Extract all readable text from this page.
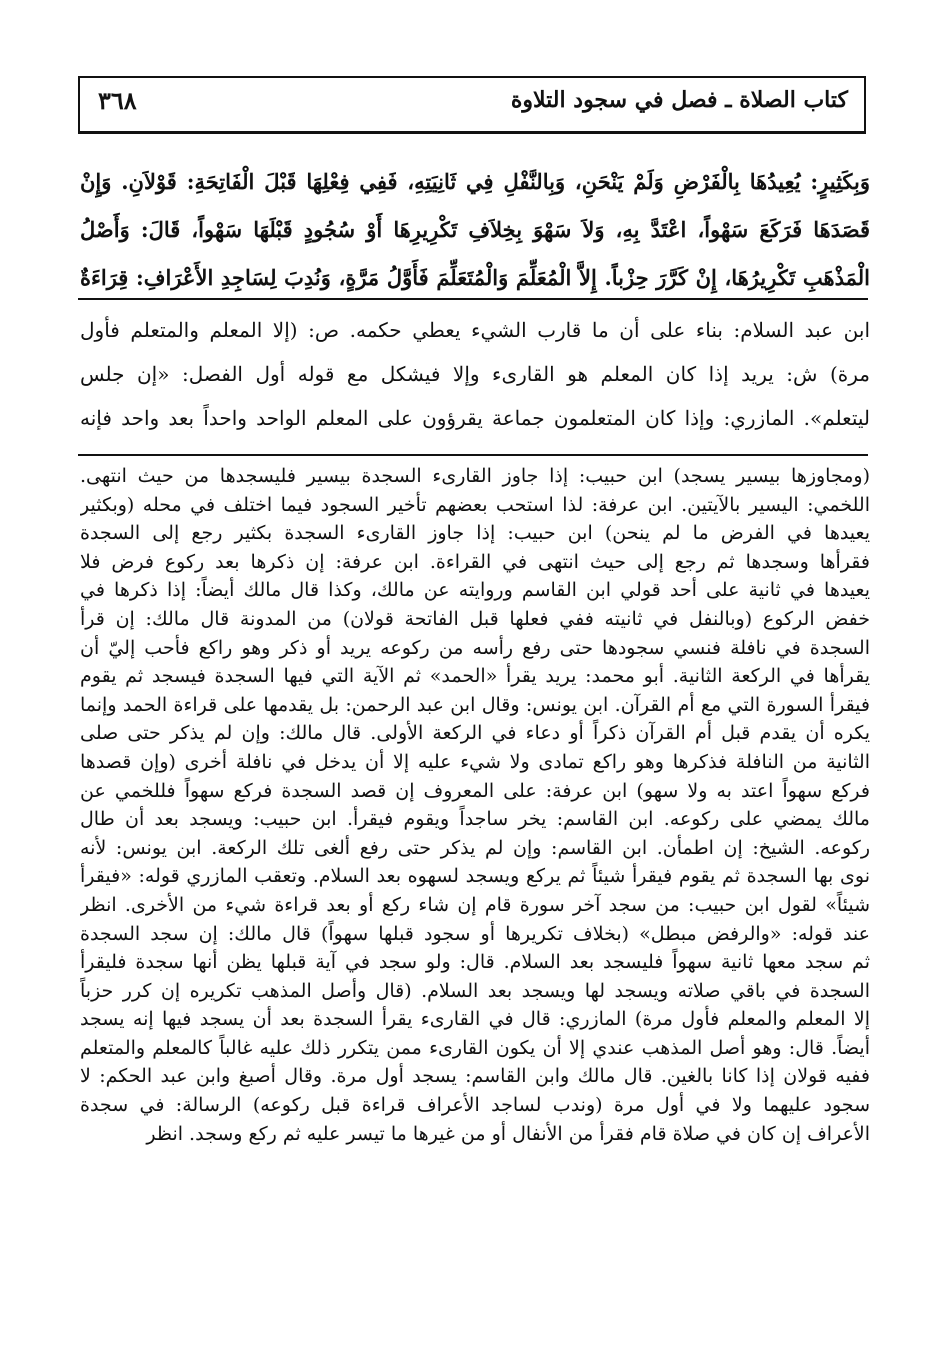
كتاب الصلاة ـ فصل في سجود التلاوة
٣٦٨
وَبِكَثِيرٍ: يُعِيدُهَا بِالْفَرْضِ وَلَمْ يَنْحَنِ، وَبِالنَّفْلِ فِي ثَانِيَتِهِ، فَفِي فِعْلِهَا قَبْلَ الْفَاتِحَةِ: قَوْلاَنِ. وَإِنْ
قَصَدَهَا فَرَكَعَ سَهْواً، اعْتَدَّ بِهِ، وَلاَ سَهْوَ بِخِلاَفِ تَكْرِيرِهَا أَوْ سُجُودٍ قَبْلَهَا سَهْواً، قَالَ: وَأَصْلُ
الْمَذْهَبِ تَكْرِيرُهَا، إِنْ كَرَّرَ حِزْباً. إِلاَّ الْمُعَلِّمَ وَالْمُتَعَلِّمَ فَأَوَّلُ مَرَّةٍ، وَنُدِبَ لِسَاجِدِ الأَعْرَافِ: قِرَاءَةٌ
ابن عبد السلام: بناء على أن ما قارب الشيء يعطي حكمه. ص: (إلا المعلم والمتعلم فأول
مرة) ش: يريد إذا كان المعلم هو القارىء وإلا فيشكل مع قوله أول الفصل: «إن جلس
ليتعلم». المازري: وإذا كان المتعلمون جماعة يقرؤون على المعلم الواحد واحداً بعد واحد فإنه
(ومجاوزها بيسير يسجد) ابن حبيب: إذا جاوز القارىء السجدة بيسير فليسجدها من حيث انتهى.
اللخمي: اليسير بالآيتين. ابن عرفة: لذا استحب بعضهم تأخير السجود فيما اختلف في محله (وبكثير
يعيدها في الفرض ما لم ينحن) ابن حبيب: إذا جاوز القارىء السجدة بكثير رجع إلى السجدة
فقرأها وسجدها ثم رجع إلى حيث انتهى في القراءة. ابن عرفة: إن ذكرها بعد ركوع فرض فلا
يعيدها في ثانية على أحد قولي ابن القاسم وروايته عن مالك، وكذا قال مالك أيضاً: إذا ذكرها في
خفض الركوع (وبالنفل في ثانيته ففي فعلها قبل الفاتحة قولان) من المدونة قال مالك: إن قرأ
السجدة في نافلة فنسي سجودها حتى رفع رأسه من ركوعه يريد أو ذكر وهو راكع فأحب إليّ أن
يقرأها في الركعة الثانية. أبو محمد: يريد يقرأ «الحمد» ثم الآية التي فيها السجدة فيسجد ثم يقوم
فيقرأ السورة التي مع أم القرآن. ابن يونس: وقال ابن عبد الرحمن: بل يقدمها على قراءة الحمد وإنما
يكره أن يقدم قبل أم القرآن ذكراً أو دعاء في الركعة الأولى. قال مالك: وإن لم يذكر حتى صلى
الثانية من النافلة فذكرها وهو راكع تمادى ولا شيء عليه إلا أن يدخل في نافلة أخرى (وإن قصدها
فركع سهواً اعتد به ولا سهو) ابن عرفة: على المعروف إن قصد السجدة فركع سهواً فللخمي عن
مالك يمضي على ركوعه. ابن القاسم: يخر ساجداً ويقوم فيقرأ. ابن حبيب: ويسجد بعد أن طال
ركوعه. الشيخ: إن اطمأن. ابن القاسم: وإن لم يذكر حتى رفع ألغى تلك الركعة. ابن يونس: لأنه
نوى بها السجدة ثم يقوم فيقرأ شيئاً ثم يركع ويسجد لسهوه بعد السلام. وتعقب المازري قوله: «فيقرأ
شيئاً» لقول ابن حبيب: من سجد آخر سورة قام إن شاء ركع أو بعد قراءة شيء من الأخرى. انظر
عند قوله: «والرفض مبطل» (بخلاف تكريرها أو سجود قبلها سهواً) قال مالك: إن سجد السجدة
ثم سجد معها ثانية سهواً فليسجد بعد السلام. قال: ولو سجد في آية قبلها يظن أنها سجدة فليقرأ
السجدة في باقي صلاته ويسجد لها ويسجد بعد السلام. (قال وأصل المذهب تكريره إن كرر حزباً
إلا المعلم والمعلم فأول مرة) المازري: قال في القارىء يقرأ السجدة بعد أن يسجد فيها إنه يسجد
أيضاً. قال: وهو أصل المذهب عندي إلا أن يكون القارىء ممن يتكرر ذلك عليه غالباً كالمعلم والمتعلم
ففيه قولان إذا كانا بالغين. قال مالك وابن القاسم: يسجد أول مرة. وقال أصبغ وابن عبد الحكم: لا
سجود عليهما ولا في أول مرة (وندب لساجد الأعراف قراءة قبل ركوعه) الرسالة: في سجدة
الأعراف إن كان في صلاة قام فقرأ من الأنفال أو من غيرها ما تيسر عليه ثم ركع وسجد. انظر
